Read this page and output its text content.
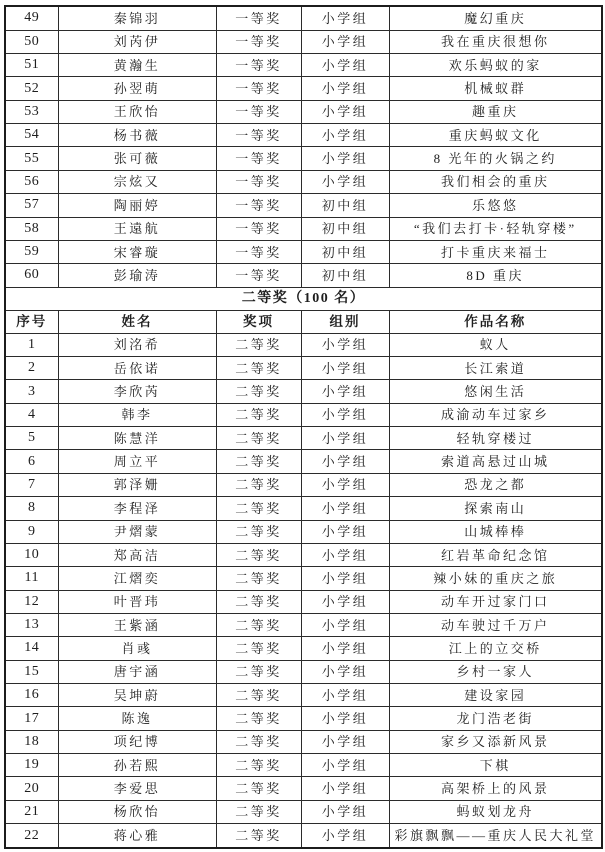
49	秦锦羽	一等奖	小学组	魔幻重庆
50	刘芮伊	一等奖	小学组	我在重庆很想你
51	黄瀚生	一等奖	小学组	欢乐蚂蚁的家
52	孙翌萌	一等奖	小学组	机械蚁群
53	王欣怡	一等奖	小学组	趣重庆
54	杨书薇	一等奖	小学组	重庆蚂蚁文化
55	张可薇	一等奖	小学组	8 光年的火锅之约
56	宗炫又	一等奖	小学组	我们相会的重庆
57	陶丽婷	一等奖	初中组	乐悠悠
58	王遠航	一等奖	初中组	“我们去打卡·轻轨穿楼”
59	宋睿璇	一等奖	初中组	打卡重庆来福士
60	彭瑜涛	一等奖	初中组	8D 重庆
二等奖（100 名）				
序号	姓名	奖项	组别	作品名称
1	刘洺希	二等奖	小学组	蚁人
2	岳依诺	二等奖	小学组	长江索道
3	李欣芮	二等奖	小学组	悠闲生活
4	韩李	二等奖	小学组	成渝动车过家乡
5	陈慧洋	二等奖	小学组	轻轨穿楼过
6	周立平	二等奖	小学组	索道高悬过山城
7	郭泽姗	二等奖	小学组	恐龙之都
8	李程泽	二等奖	小学组	探索南山
9	尹熠蒙	二等奖	小学组	山城棒棒
10	郑高洁	二等奖	小学组	红岩革命纪念馆
11	江熠奕	二等奖	小学组	辣小妹的重庆之旅
12	叶晋玮	二等奖	小学组	动车开过家门口
13	王紫涵	二等奖	小学组	动车驶过千万户
14	肖彧	二等奖	小学组	江上的立交桥
15	唐宇涵	二等奖	小学组	乡村一家人
16	吴坤蔚	二等奖	小学组	建设家园
17	陈逸	二等奖	小学组	龙门浩老街
18	项纪博	二等奖	小学组	家乡又添新风景
19	孙若熙	二等奖	小学组	下棋
20	李爱思	二等奖	小学组	高架桥上的风景
21	杨欣怡	二等奖	小学组	蚂蚁划龙舟
22	蒋心雅	二等奖	小学组	彩旗飘飘——重庆人民大礼堂
